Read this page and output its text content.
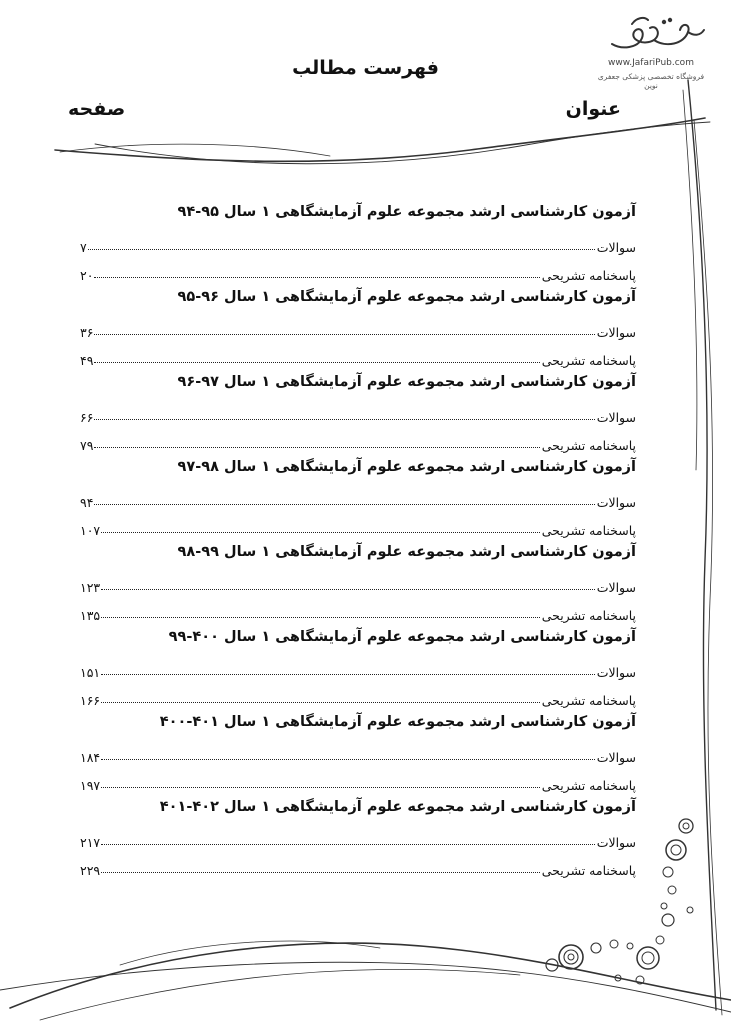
www.JafariPub.com
فروشگاه تخصصی پزشکی جعفری نوین
فهرست مطالب
عنوان
صفحه
آزمون کارشناسی ارشد مجموعه علوم آزمایشگاهی ۱ سال ۹۵-۹۴
سوالات
۷
پاسخنامه تشریحی
۲۰
آزمون کارشناسی ارشد مجموعه علوم آزمایشگاهی ۱ سال ۹۶-۹۵
سوالات
۳۶
پاسخنامه تشریحی
۴۹
آزمون کارشناسی ارشد مجموعه علوم آزمایشگاهی ۱ سال ۹۷-۹۶
سوالات
۶۶
پاسخنامه تشریحی
۷۹
آزمون کارشناسی ارشد مجموعه علوم آزمایشگاهی ۱ سال ۹۸-۹۷
سوالات
۹۴
پاسخنامه تشریحی
۱۰۷
آزمون کارشناسی ارشد مجموعه علوم آزمایشگاهی ۱ سال ۹۹-۹۸
سوالات
۱۲۳
پاسخنامه تشریحی
۱۳۵
آزمون کارشناسی ارشد مجموعه علوم آزمایشگاهی ۱ سال ۴۰۰-۹۹
سوالات
۱۵۱
پاسخنامه تشریحی
۱۶۶
آزمون کارشناسی ارشد مجموعه علوم آزمایشگاهی ۱ سال ۴۰۱-۴۰۰
سوالات
۱۸۴
پاسخنامه تشریحی
۱۹۷
آزمون کارشناسی ارشد مجموعه علوم آزمایشگاهی ۱ سال ۴۰۲-۴۰۱
سوالات
۲۱۷
پاسخنامه تشریحی
۲۲۹
